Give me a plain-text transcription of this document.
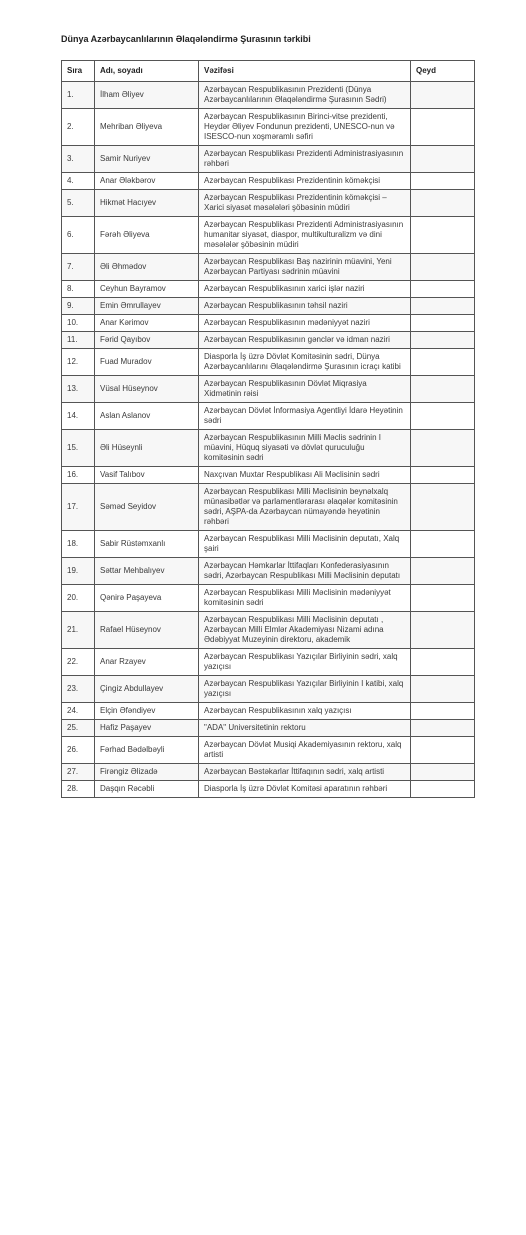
Dünya Azərbaycanlılarının Əlaqələndirmə Şurasının tərkibi
Sıra	Adı, soyadı	Vəzifəsi	Qeyd
1.	İlham Əliyev	Azərbaycan Respublikasının Prezidenti (Dünya Azərbaycanlılarının Əlaqələndirmə Şurasının Sədri)	
2.	Mehriban Əliyeva	Azərbaycan Respublikasının Birinci-vitse prezidenti, Heydər Əliyev Fondunun prezidenti, UNESCO-nun və ISESCO-nun xoşməramlı səfiri	
3.	Samir Nuriyev	Azərbaycan Respublikası Prezidenti Administrasiyasının rəhbəri	
4.	Anar Ələkbərov	Azərbaycan Respublikası Prezidentinin köməkçisi	
5.	Hikmət Hacıyev	Azərbaycan Respublikası Prezidentinin köməkçisi – Xarici siyasət məsələləri şöbəsinin müdiri	
6.	Fərəh Əliyeva	Azərbaycan Respublikası Prezidenti Administrasiyasının humanitar siyasət, diaspor, multikulturalizm və dini məsələlər şöbəsinin müdiri	
7.	Əli Əhmədov	Azərbaycan Respublikası Baş nazirinin müavini, Yeni Azərbaycan Partiyası sədrinin müavini	
8.	Ceyhun Bayramov	Azərbaycan Respublikasının xarici işlər naziri	
9.	Emin Əmrullayev	Azərbaycan Respublikasının təhsil naziri	
10.	Anar Kərimov	Azərbaycan Respublikasının mədəniyyət naziri	
11.	Fərid Qayıbov	Azərbaycan Respublikasının gənclər və idman naziri	
12.	Fuad Muradov	Diasporla İş üzrə Dövlət Komitəsinin sədri, Dünya Azərbaycanlılarını Əlaqələndirmə Şurasının icraçı katibi	
13.	Vüsal Hüseynov	Azərbaycan Respublikasının Dövlət Miqrasiya Xidmətinin rəisi	
14.	Aslan Aslanov	Azərbaycan Dövlət İnformasiya Agentliyi İdarə Heyətinin sədri	
15.	Əli Hüseynli	Azərbaycan Respublikasının Milli Məclis sədrinin I müavini, Hüquq siyasəti və dövlət quruculuğu komitəsinin sədri	
16.	Vasif Talıbov	Naxçıvan Muxtar Respublikası Ali Məclisinin sədri	
17.	Səməd Seyidov	Azərbaycan Respublikası Milli Məclisinin beynəlxalq münasibətlər və parlamentlərarası əlaqələr komitəsinin sədri, AŞPA-da Azərbaycan nümayəndə heyətinin rəhbəri	
18.	Sabir Rüstəmxanlı	Azərbaycan Respublikası Milli Məclisinin deputatı, Xalq şairi	
19.	Səttar Mehbalıyev	Azərbaycan Həmkarlar İttifaqları Konfederasiyasının sədri, Azərbaycan Respublikası Milli Məclisinin deputatı	
20.	Qənirə Paşayeva	Azərbaycan Respublikası Milli Məclisinin mədəniyyət komitəsinin sədri	
21.	Rafael Hüseynov	Azərbaycan Respublikası Milli Məclisinin deputatı , Azərbaycan Milli Elmlər Akademiyası Nizami adına Ədəbiyyat Muzeyinin direktoru, akademik	
22.	Anar Rzayev	Azərbaycan Respublikası Yazıçılar Birliyinin sədri, xalq yazıçısı	
23.	Çingiz Abdullayev	Azərbaycan Respublikası Yazıçılar Birliyinin I katibi, xalq yazıçısı	
24.	Elçin Əfəndiyev	Azərbaycan Respublikasının xalq yazıçısı	
25.	Hafiz Paşayev	"ADA" Universitetinin rektoru	
26.	Fərhad Bədəlbəyli	Azərbaycan Dövlət Musiqi Akademiyasının rektoru, xalq artisti	
27.	Firəngiz Əlizadə	Azərbaycan Bəstəkarlar İttifaqının sədri, xalq artisti	
28.	Daşqın Rəcəbli	Diasporla İş üzrə Dövlət Komitəsi aparatının rəhbəri	
